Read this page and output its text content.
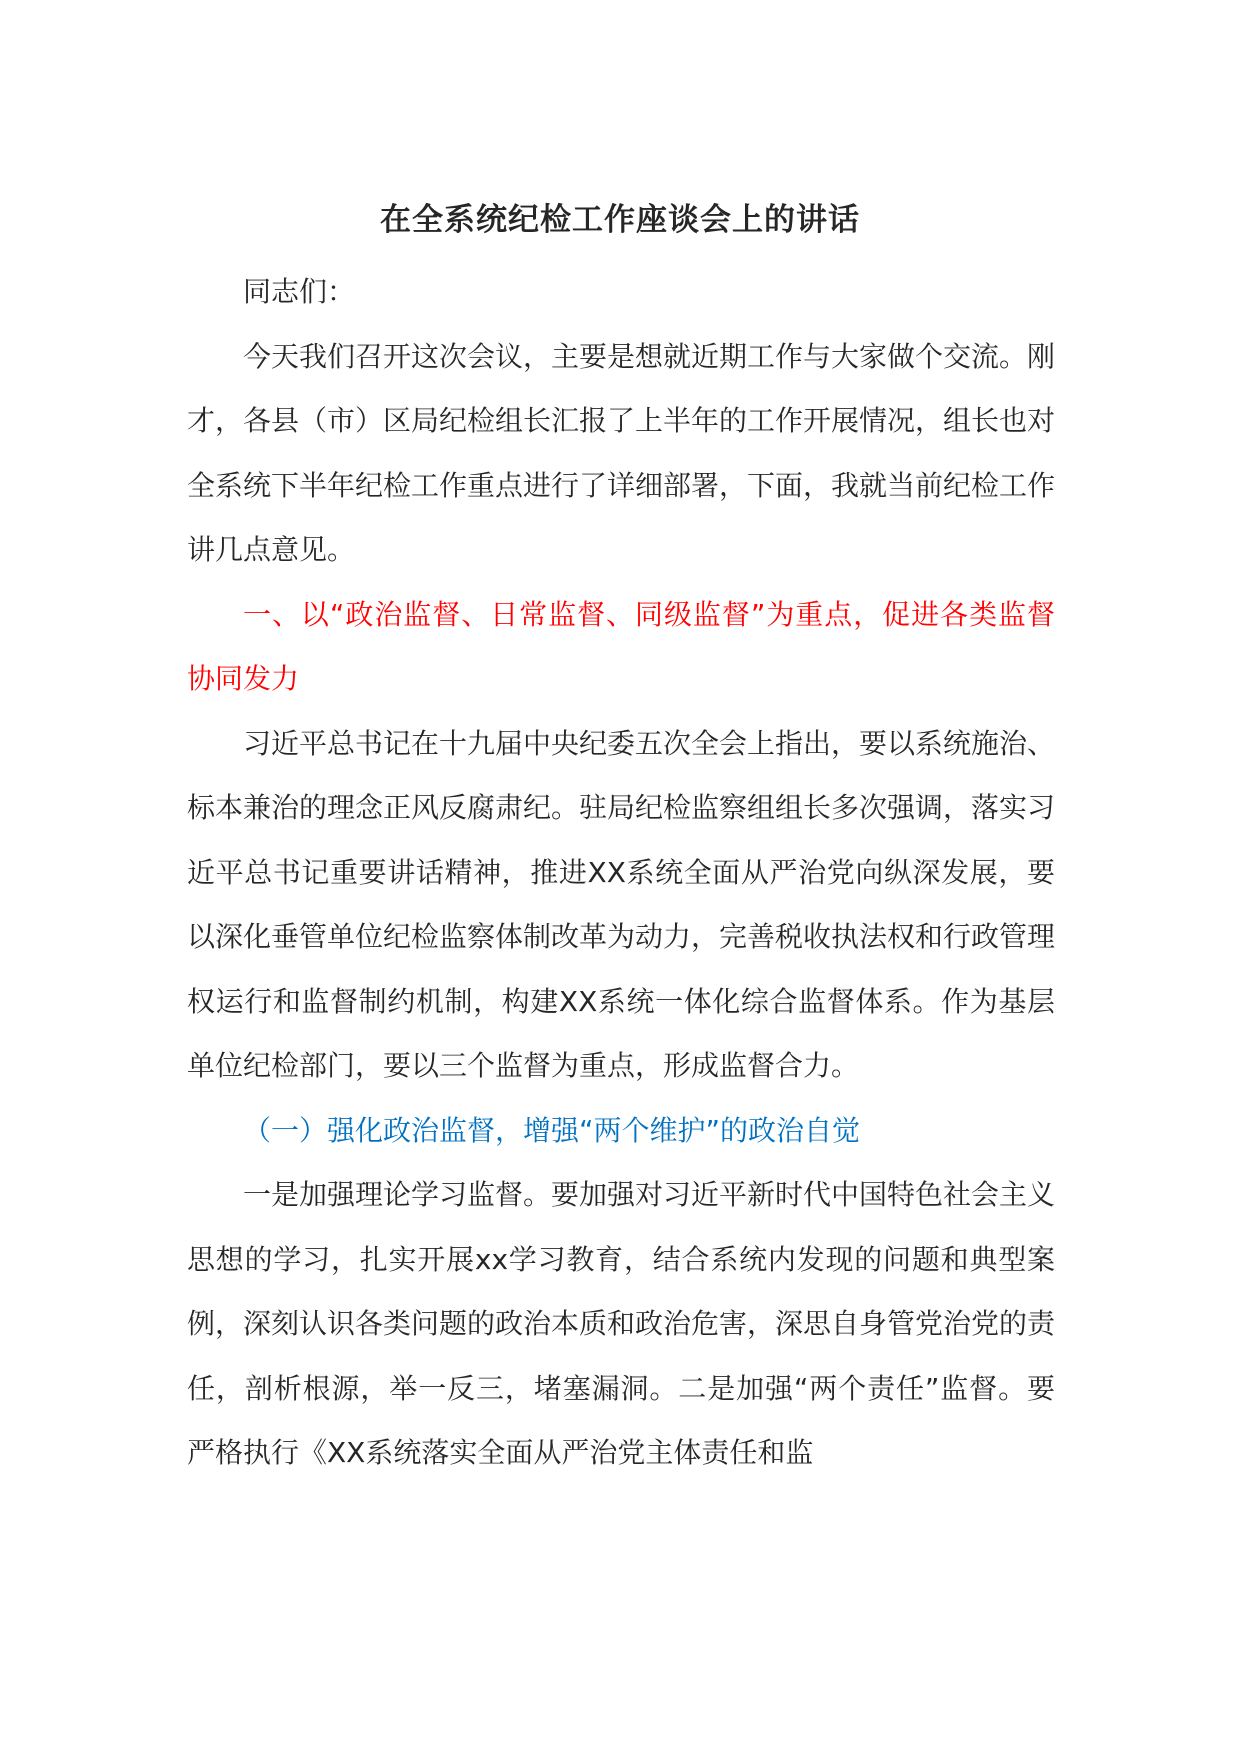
在全系统纪检工作座谈会上的讲话

同志们：

今天我们召开这次会议，主要是想就近期工作与大家做个交流。刚才，各县（市）区局纪检组长汇报了上半年的工作开展情况，组长也对全系统下半年纪检工作重点进行了详细部署，下面，我就当前纪检工作讲几点意见。

一、以“政治监督、日常监督、同级监督”为重点，促进各类监督协同发力

习近平总书记在十九届中央纪委五次全会上指出，要以系统施治、标本兼治的理念正风反腐肃纪。驻局纪检监察组组长多次强调，落实习近平总书记重要讲话精神，推进XX系统全面从严治党向纵深发展，要以深化垂管单位纪检监察体制改革为动力，完善税收执法权和行政管理权运行和监督制约机制，构建XX系统一体化综合监督体系。作为基层单位纪检部门，要以三个监督为重点，形成监督合力。

（一）强化政治监督，增强“两个维护”的政治自觉

一是加强理论学习监督。要加强对习近平新时代中国特色社会主义思想的学习，扎实开展xx学习教育，结合系统内发现的问题和典型案例，深刻认识各类问题的政治本质和政治危害，深思自身管党治党的责任，剖析根源，举一反三，堵塞漏洞。二是加强“两个责任”监督。要严格执行《XX系统落实全面从严治党主体责任和监
